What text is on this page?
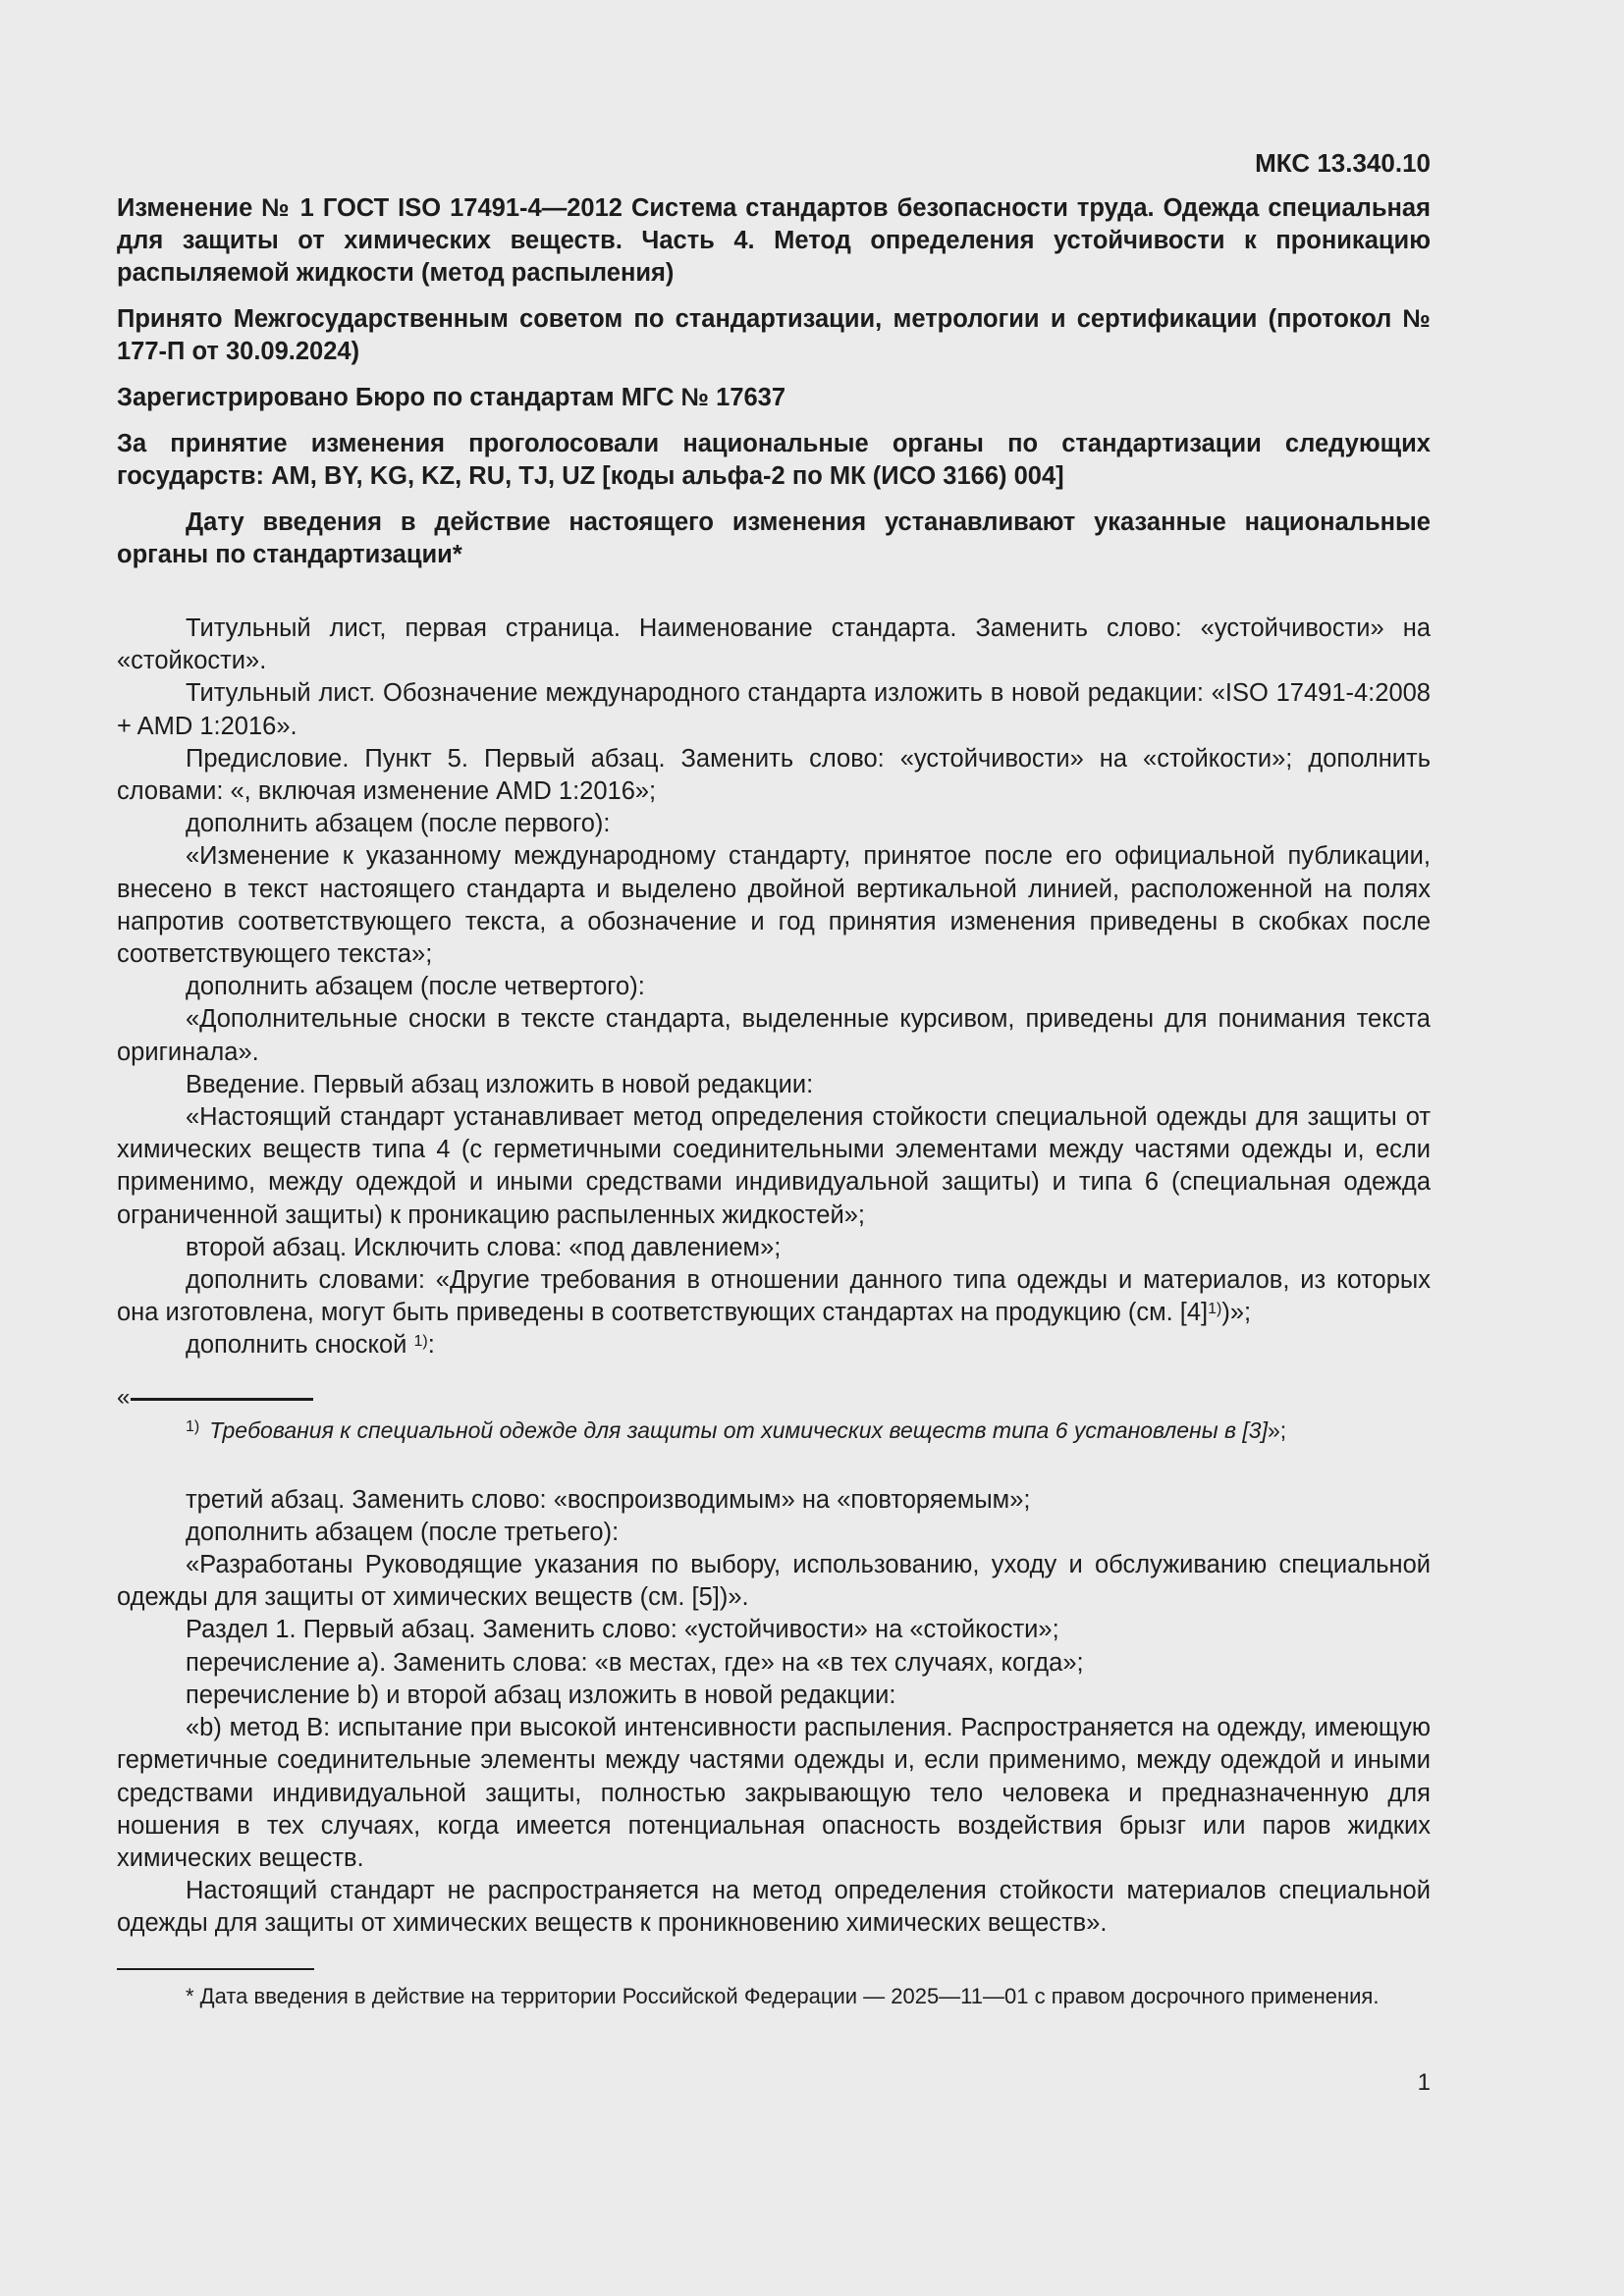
МКС 13.340.10
Изменение № 1 ГОСТ ISO 17491-4—2012 Система стандартов безопасности труда. Одежда специальная для защиты от химических веществ. Часть 4. Метод определения устойчивости к проникацию распыляемой жидкости (метод распыления)
Принято Межгосударственным советом по стандартизации, метрологии и сертификации (протокол № 177-П от 30.09.2024)
Зарегистрировано Бюро по стандартам МГС № 17637
За принятие изменения проголосовали национальные органы по стандартизации следующих государств: AM, BY, KG, KZ, RU, TJ, UZ [коды альфа-2 по МК (ИСО 3166) 004]
Дату введения в действие настоящего изменения устанавливают указанные национальные органы по стандартизации*

Титульный лист, первая страница. Наименование стандарта. Заменить слово: «устойчивости» на «стойкости».

Титульный лист. Обозначение международного стандарта изложить в новой редакции: «ISO 17491-4:2008 + AMD 1:2016».

Предисловие. Пункт 5. Первый абзац. Заменить слово: «устойчивости» на «стойкости»; дополнить словами: «, включая изменение AMD 1:2016»;

дополнить абзацем (после первого):

«Изменение к указанному международному стандарту, принятое после его официальной публикации, внесено в текст настоящего стандарта и выделено двойной вертикальной линией, расположенной на полях напротив соответствующего текста, а обозначение и год принятия изменения приведены в скобках после соответствующего текста»;

дополнить абзацем (после четвертого):

«Дополнительные сноски в тексте стандарта, выделенные курсивом, приведены для понимания текста оригинала».

Введение. Первый абзац изложить в новой редакции:

«Настоящий стандарт устанавливает метод определения стойкости специальной одежды для защиты от химических веществ типа 4 (с герметичными соединительными элементами между частями одежды и, если применимо, между одеждой и иными средствами индивидуальной защиты) и типа 6 (специальная одежда ограниченной защиты) к проникацию распыленных жидкостей»;

второй абзац. Исключить слова: «под давлением»;

дополнить словами: «Другие требования в отношении данного типа одежды и материалов, из которых она изготовлена, могут быть приведены в соответствующих стандартах на продукцию (см. $[4]^{1)}$)»;

дополнить сноской $^{1)}$:

«
$^{1)}$ Требования к специальной одежде для защиты от химических веществ типа 6 установлены в [3]»;

третий абзац. Заменить слово: «воспроизводимым» на «повторяемым»;

дополнить абзацем (после третьего):

«Разработаны Руководящие указания по выбору, использованию, уходу и обслуживанию специальной одежды для защиты от химических веществ (см. [5])».

Раздел 1. Первый абзац. Заменить слово: «устойчивости» на «стойкости»;

перечисление a). Заменить слова: «в местах, где» на «в тех случаях, когда»;

перечисление b) и второй абзац изложить в новой редакции:

«b) метод B: испытание при высокой интенсивности распыления. Распространяется на одежду, имеющую герметичные соединительные элементы между частями одежды и, если применимо, между одеждой и иными средствами индивидуальной защиты, полностью закрывающую тело человека и предназначенную для ношения в тех случаях, когда имеется потенциальная опасность воздействия брызг или паров жидких химических веществ.

Настоящий стандарт не распространяется на метод определения стойкости материалов специальной одежды для защиты от химических веществ к проникновению химических веществ».

* Дата введения в действие на территории Российской Федерации — 2025—11—01 с правом досрочного применения.
1
